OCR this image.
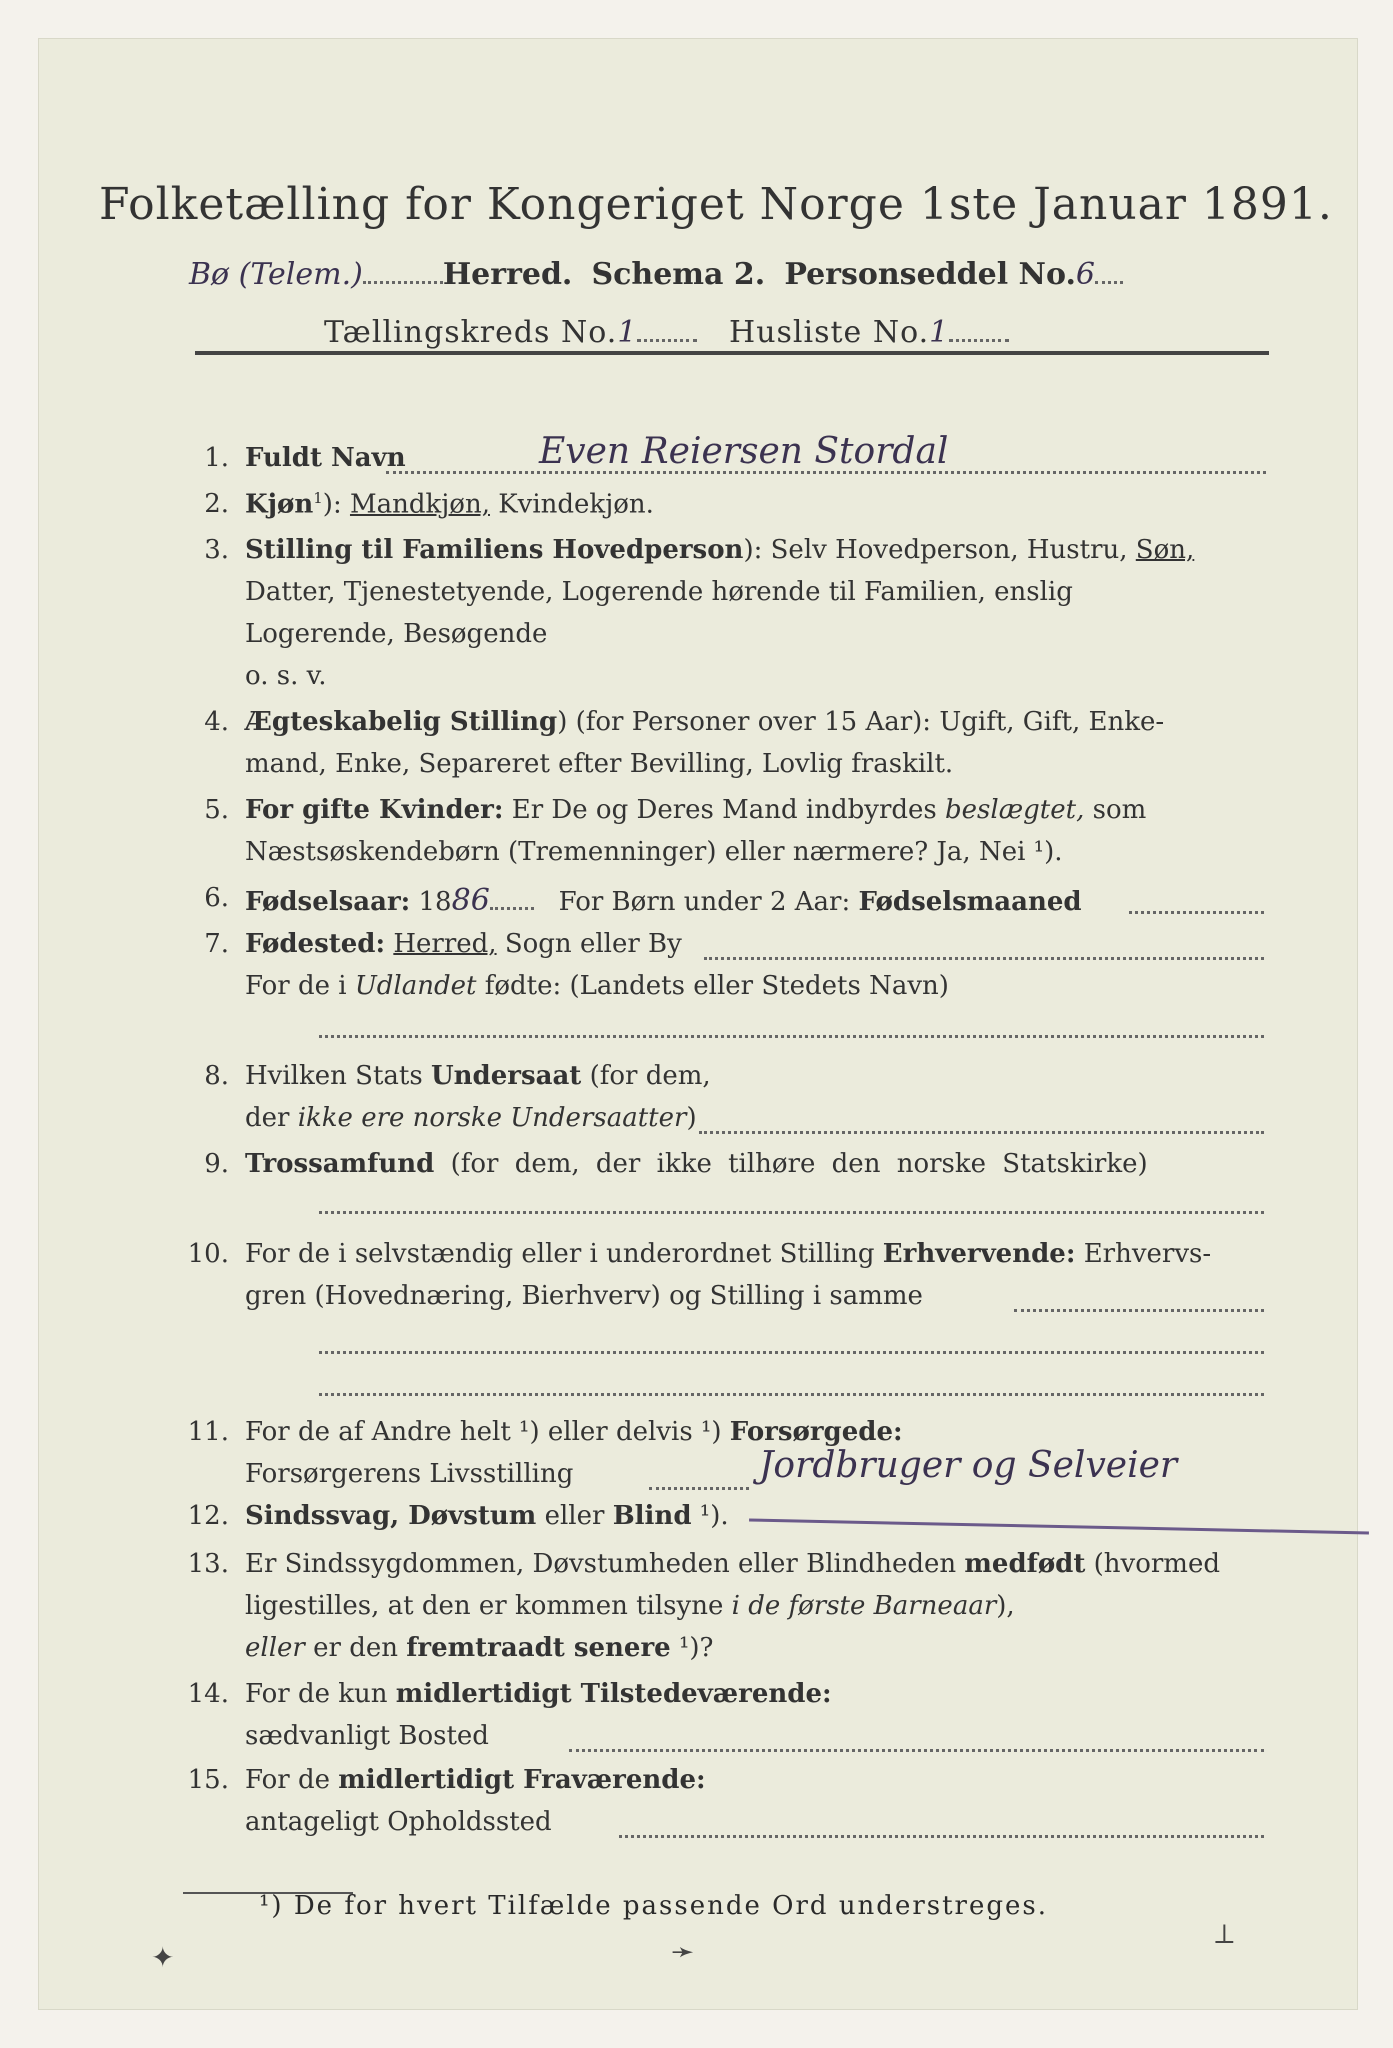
Folketælling for Kongeriget Norge 1ste Januar 1891.
Bø (Telem.)	Herred. Schema 2. Personseddel No.6
Tællingskreds No.1	Husliste No.1
1. Fuldt Navn	Even Reiersen Stordal
2. Kjøn$^1$): Mandkjøn, Kvindekjøn.
3. Stilling til Familiens Hovedperson): Selv Hovedperson, Hustru, Søn,
Datter, Tjenestetyende, Logerende hørende til Familien, enslig
Logerende, Besøgende
o. s. v.
4. Ægteskabelig Stilling) (for Personer over 15 Aar): Ugift, Gift, Enke-
mand, Enke, Separeret efter Bevilling, Lovlig fraskilt.
5. For gifte Kvinder: Er De og Deres Mand indbyrdes beslægtet, som
Næstsøskendebørn (Tremenninger) eller nærmere? Ja, Nei ¹).
6. Fødselsaar: 1886	For Børn under 2 Aar: Fødselsmaaned
7. Fødested: Herred, Sogn eller By
For de i Udlandet fødte: (Landets eller Stedets Navn)
8. Hvilken Stats Undersaat (for dem,
der ikke ere norske Undersaatter)
9. Trossamfund (for dem, der ikke tilhøre den norske Statskirke)
10. For de i selvstændig eller i underordnet Stilling Erhvervende: Erhvervs-
gren (Hovednæring, Bierhverv) og Stilling i samme
11. For de af Andre helt ¹) eller delvis ¹) Forsørgede:
Forsørgerens Livsstilling	Jordbruger og Selveier
12. Sindssvag, Døvstum eller Blind ¹).
13. Er Sindssygdommen, Døvstumheden eller Blindheden medfødt (hvormed
ligestilles, at den er kommen tilsyne i de første Barneaar),
eller er den fremtraadt senere ¹)?
14. For de kun midlertidigt Tilstedeværende:
sædvanligt Bosted
15. For de midlertidigt Fraværende:
antageligt Opholdssted
¹) De for hvert Tilfælde passende Ord understreges.
✦	➛
⟂
